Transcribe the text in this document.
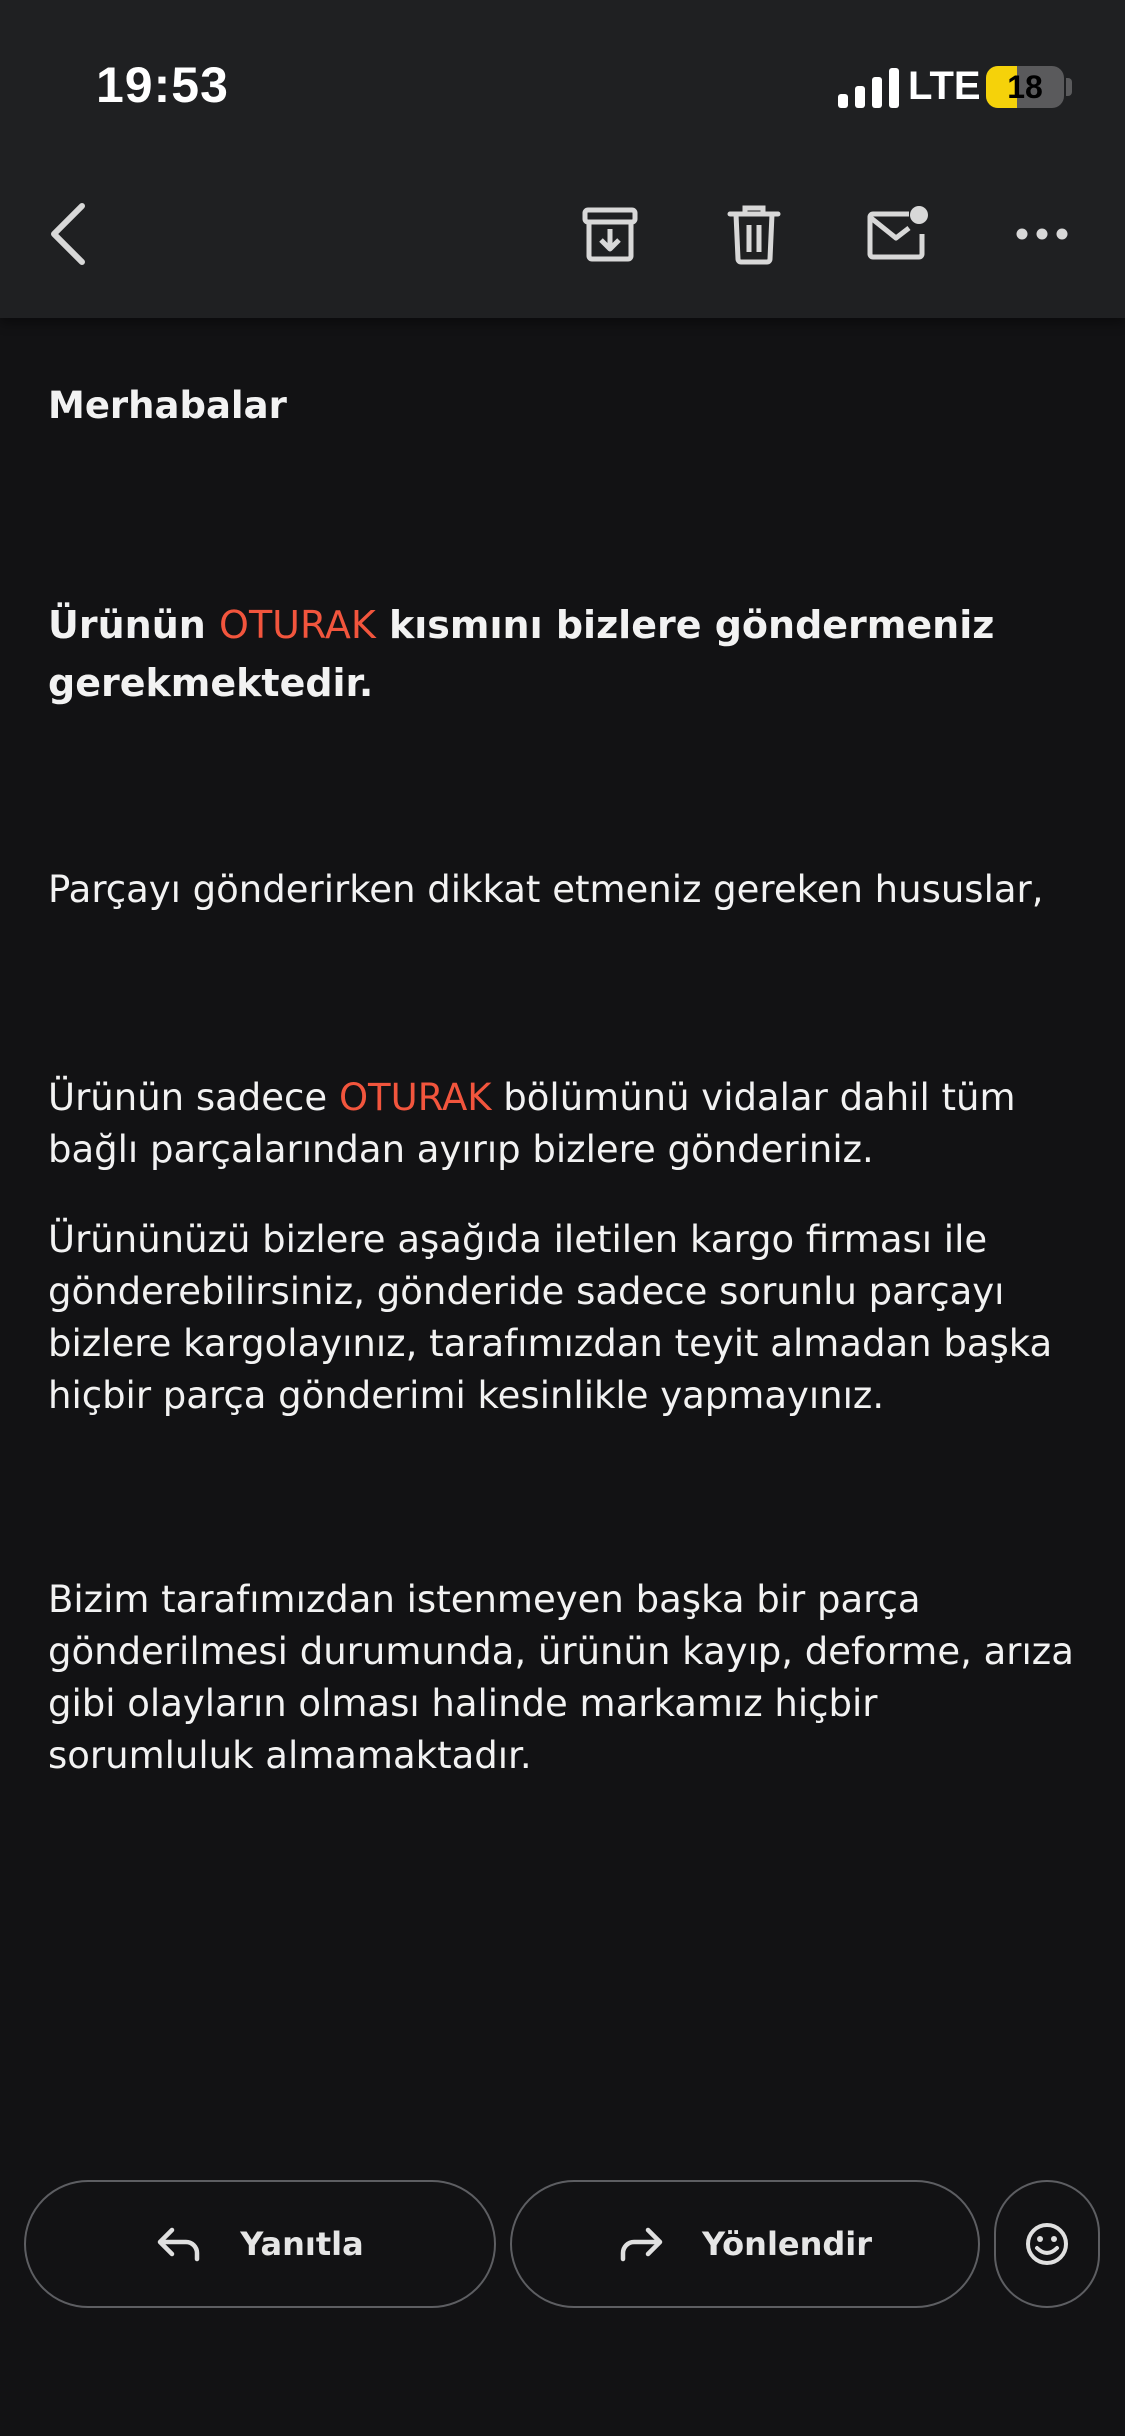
19:53	LTE 18
Merhabalar
Ürünün OTURAK kısmını bizlere göndermeniz gerekmektedir.
Parçayı gönderirken dikkat etmeniz gereken hususlar,
Ürünün sadece OTURAK bölümünü vidalar dahil tüm bağlı parçalarından ayırıp bizlere gönderiniz.
Ürününüzü bizlere aşağıda iletilen kargo firması ile gönderebilirsiniz, gönderide sadece sorunlu parçayı bizlere kargolayınız, tarafımızdan teyit almadan başka hiçbir parça gönderimi kesinlikle yapmayınız.
Bizim tarafımızdan istenmeyen başka bir parça gönderilmesi durumunda, ürünün kayıp, deforme, arıza gibi olayların olması halinde markamız hiçbir sorumluluk almamaktadır.
Yanıtla	Yönlendir
